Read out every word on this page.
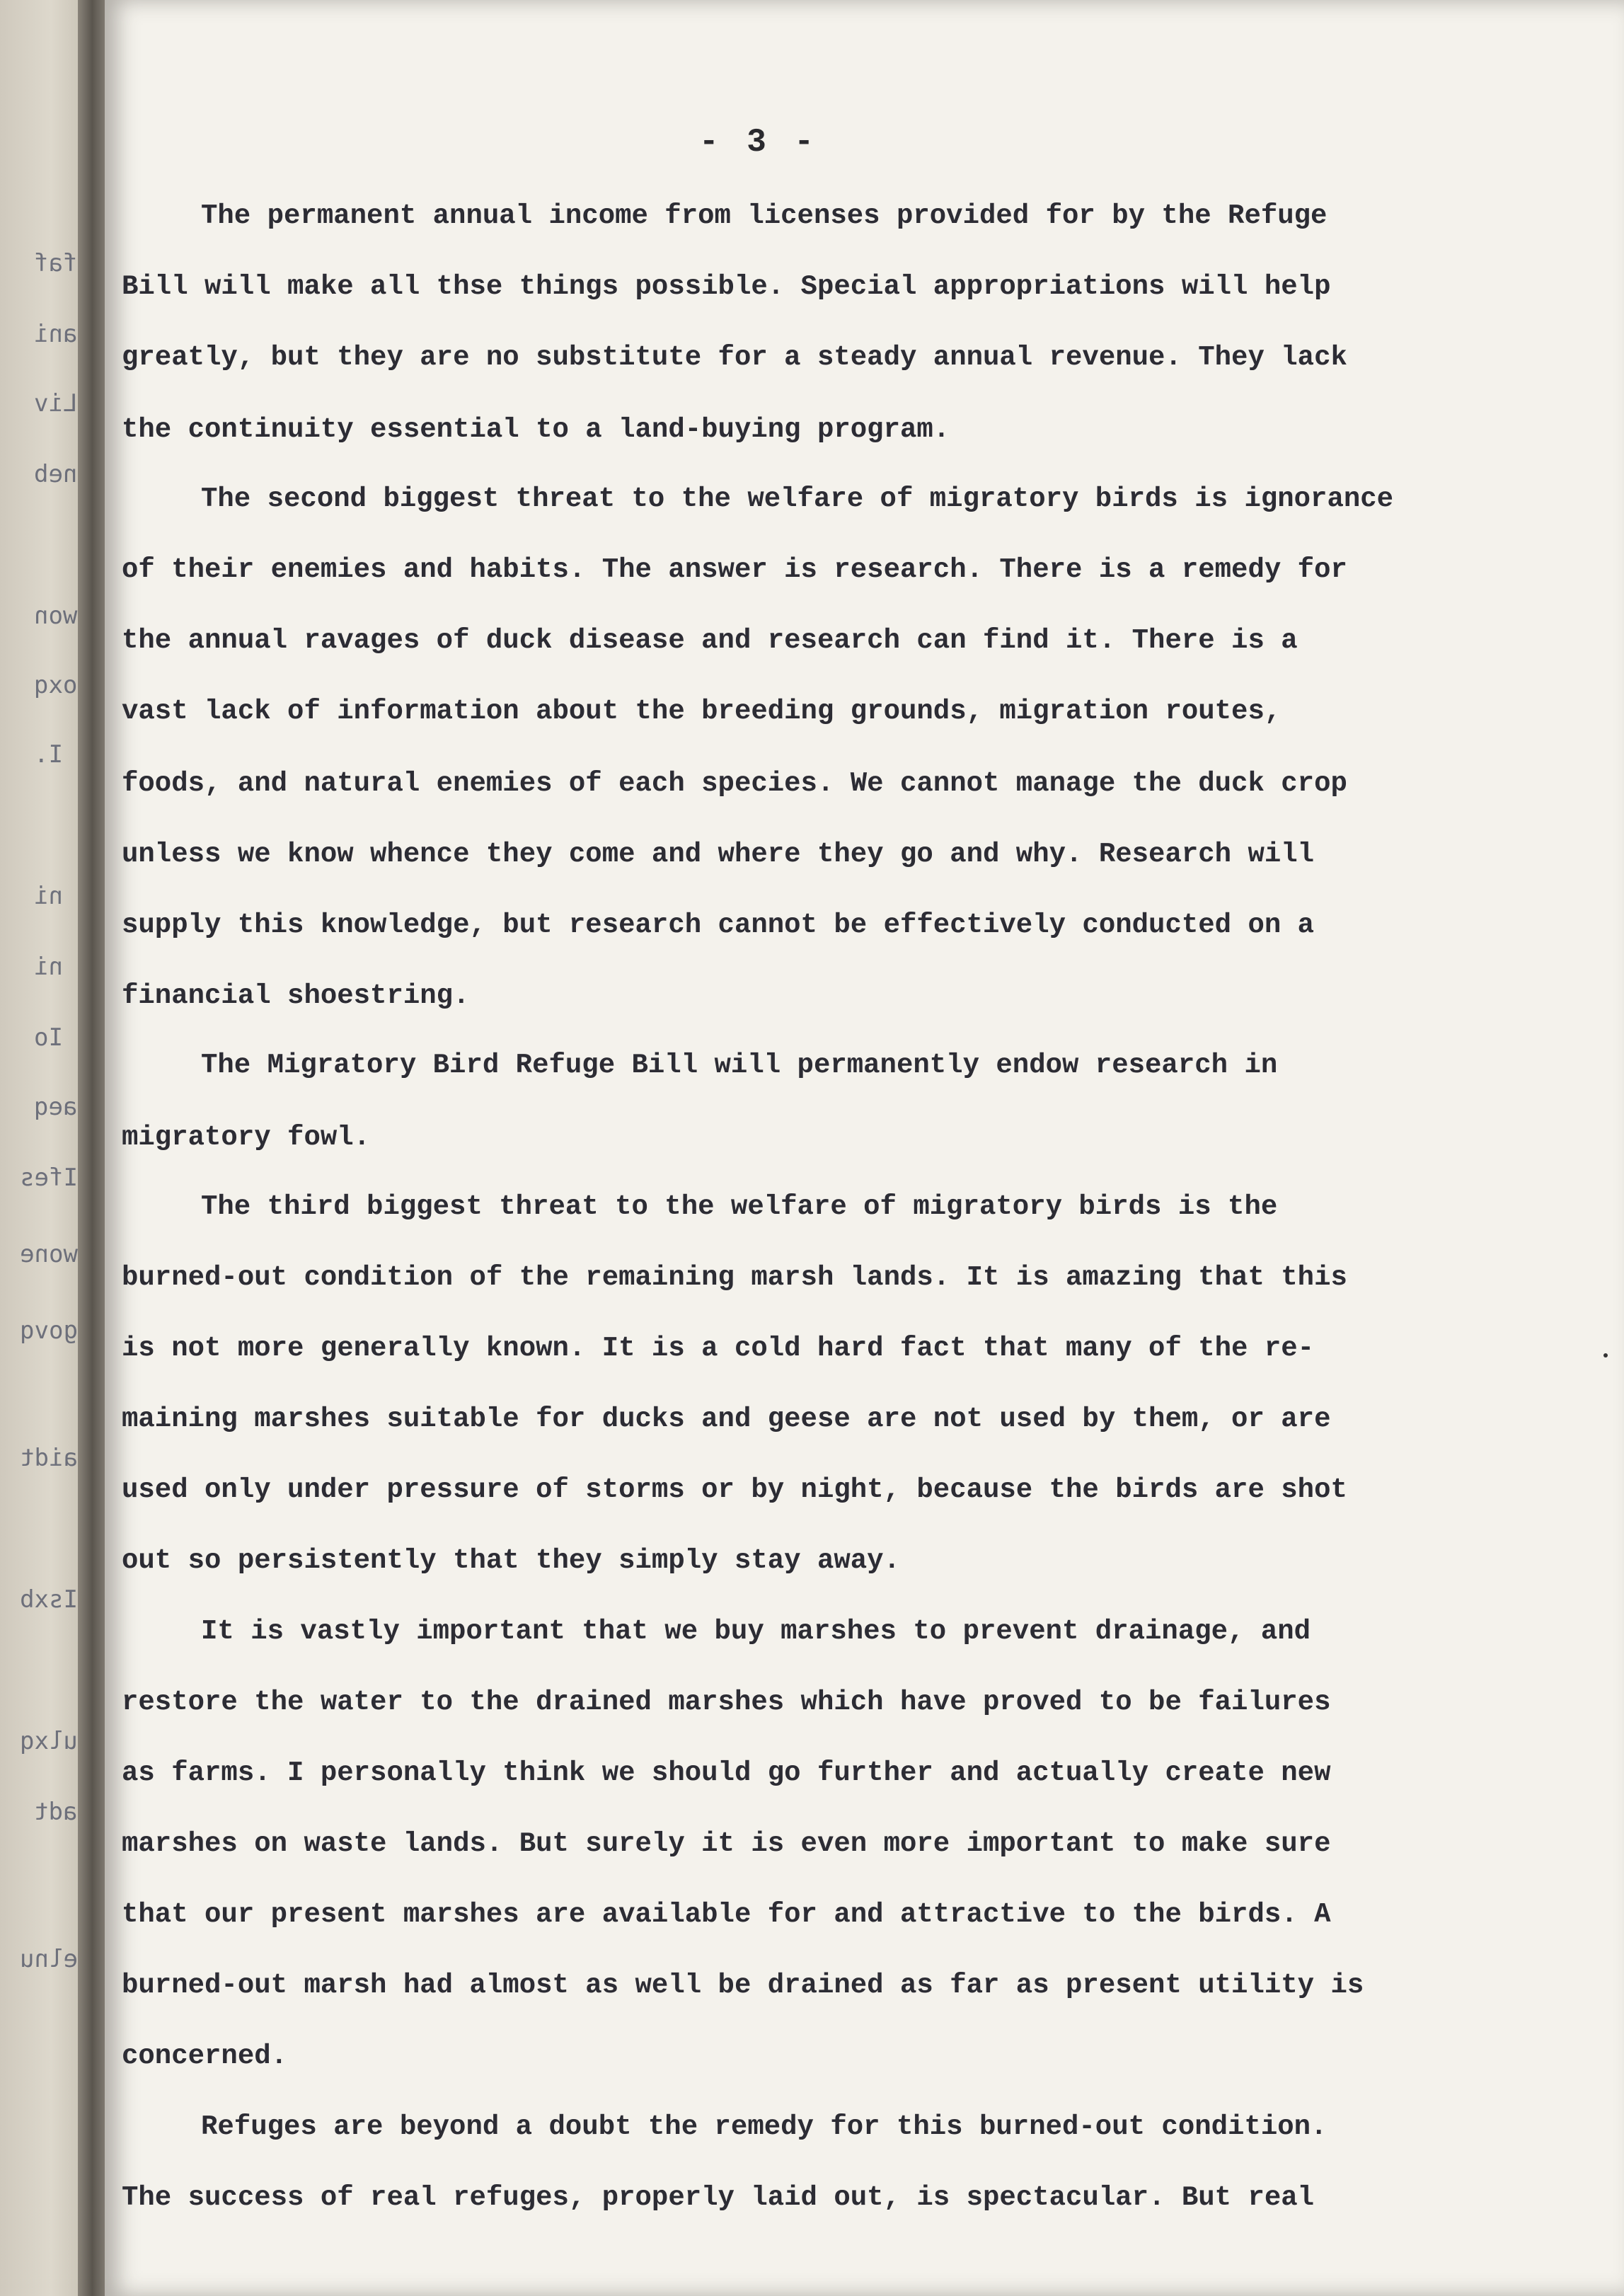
faf
ani
Liv
neb
won
oxq
I.
ni
ni
Io
aeq
Ifes
wone
govq
aidt
Isxb
ulxq
adt
elnu
- 3 -

The permanent annual income from licenses provided for by the Refuge

Bill will make all thse things possible. Special appropriations will help

greatly, but they are no substitute for a steady annual revenue. They lack

the continuity essential to a land-buying program.

The second biggest threat to the welfare of migratory birds is ignorance

of their enemies and habits. The answer is research. There is a remedy for

the annual ravages of duck disease and research can find it. There is a

vast lack of information about the breeding grounds, migration routes,

foods, and natural enemies of each species. We cannot manage the duck crop

unless we know whence they come and where they go and why. Research will

supply this knowledge, but research cannot be effectively conducted on a

financial shoestring.

The Migratory Bird Refuge Bill will permanently endow research in

migratory fowl.

The third biggest threat to the welfare of migratory birds is the

burned-out condition of the remaining marsh lands. It is amazing that this

is not more generally known. It is a cold hard fact that many of the re-

maining marshes suitable for ducks and geese are not used by them, or are

used only under pressure of storms or by night, because the birds are shot

out so persistently that they simply stay away.

It is vastly important that we buy marshes to prevent drainage, and

restore the water to the drained marshes which have proved to be failures

as farms. I personally think we should go further and actually create new

marshes on waste lands. But surely it is even more important to make sure

that our present marshes are available for and attractive to the birds. A

burned-out marsh had almost as well be drained as far as present utility is

concerned.

Refuges are beyond a doubt the remedy for this burned-out condition.

The success of real refuges, properly laid out, is spectacular. But real
